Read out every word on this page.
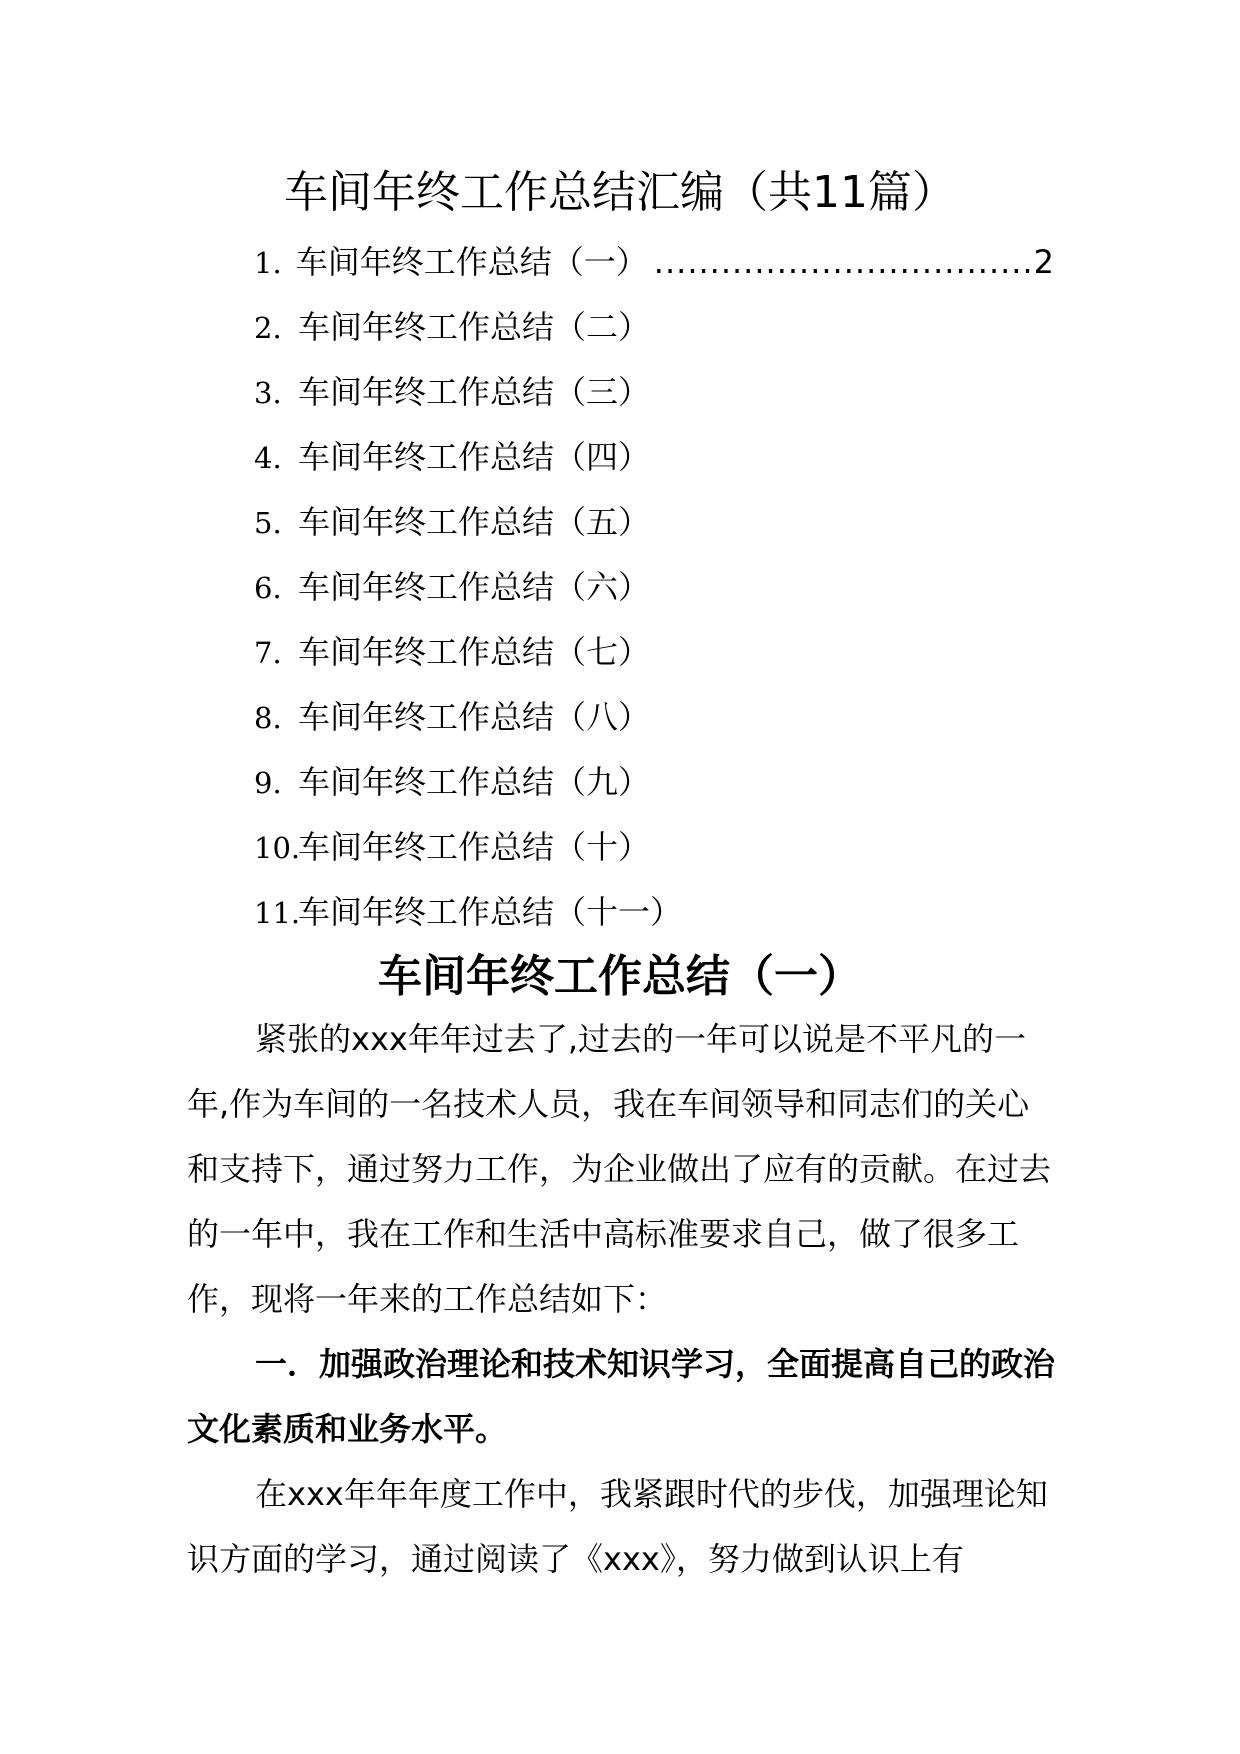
车间年终工作总结汇编（共11篇）
1. 车间年终工作总结（一） .................................. 2
2. 车间年终工作总结（二）
3. 车间年终工作总结（三）
4. 车间年终工作总结（四）
5. 车间年终工作总结（五）
6. 车间年终工作总结（六）
7. 车间年终工作总结（七）
8. 车间年终工作总结（八）
9. 车间年终工作总结（九）
10.
车间年终工作总结（十）
11.
车间年终工作总结（十一）
车间年终工作总结（一）

紧张的xxx年年过去了,过去的一年可以说是不平凡的一年,作为车间的一名技术人员，我在车间领导和同志们的关心和支持下，通过努力工作，为企业做出了应有的贡献。在过去的一年中，我在工作和生活中高标准要求自己，做了很多工作，现将一年来的工作总结如下：

一．加强政治理论和技术知识学习，全面提高自己的政治文化素质和业务水平。

在xxx年年年度工作中，我紧跟时代的步伐，加强理论知识方面的学习，通过阅读了《xxx》，努力做到认识上有
